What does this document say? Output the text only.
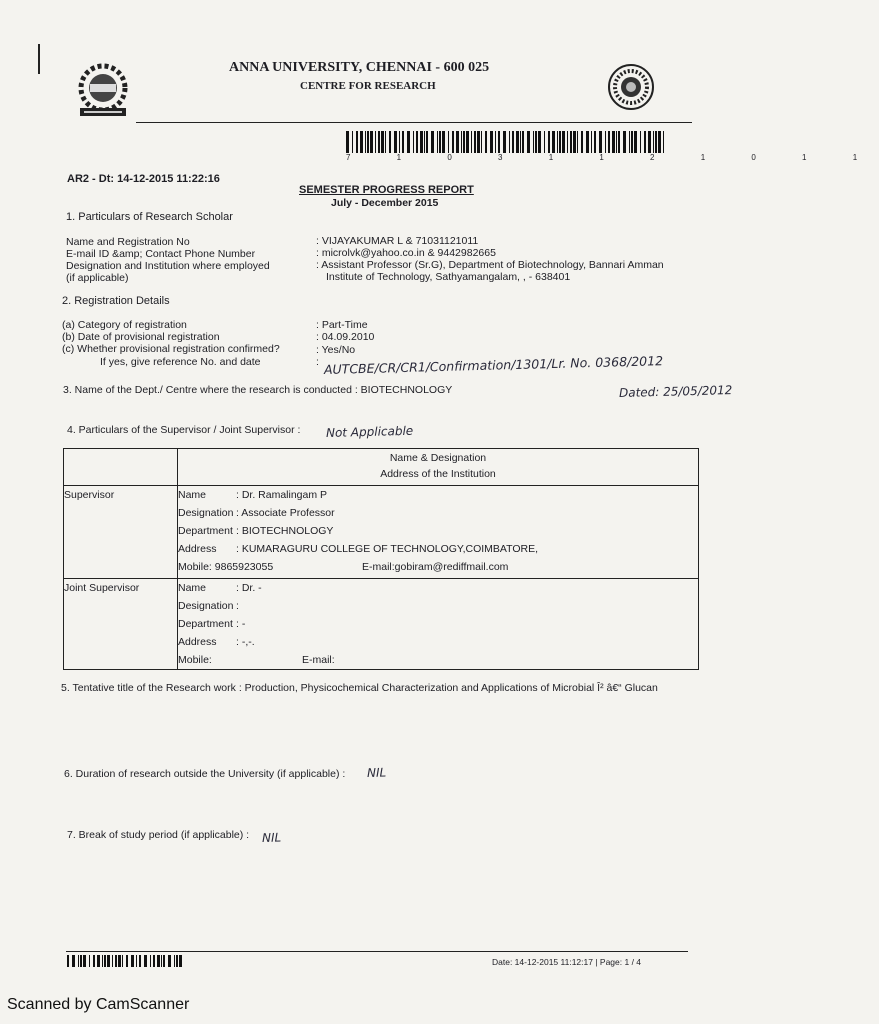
ANNA UNIVERSITY, CHENNAI - 600 025
CENTRE FOR RESEARCH
7 1 0 3 1 1 2 1 0 1 1
AR2 - Dt: 14-12-2015 11:22:16
SEMESTER PROGRESS REPORT
July - December 2015
1. Particulars of Research Scholar
Name and Registration No	: VIJAYAKUMAR L & 71031121011
E-mail ID &amp; Contact Phone Number	: microlvk@yahoo.co.in & 9442982665
Designation and Institution where employed	: Assistant Professor (Sr.G), Department of Biotechnology, Bannari Amman
(if applicable)	Institute of Technology, Sathyamangalam, , - 638401
2. Registration Details
(a) Category of registration	: Part-Time
(b) Date of provisional registration	: 04.09.2010
(c) Whether provisional registration confirmed?	: Yes/No
If yes, give reference No. and date	: AUTCBE/CR/CR1/Confirmation/1301/Lr. No. 0368/2012
Dated: 25/05/2012
3. Name of the Dept./ Centre where the research is conducted : BIOTECHNOLOGY
4. Particulars of the Supervisor / Joint Supervisor : Not Applicable

	Name & Designation
Address of the Institution

Supervisor	Name : Dr. Ramalingam P
Designation : Associate Professor
Department : BIOTECHNOLOGY
Address : KUMARAGURU COLLEGE OF TECHNOLOGY,COIMBATORE,
Mobile: 9865923055 E-mail:gobiram@rediffmail.com

Joint Supervisor	Name : Dr. -
Designation :
Department : -
Address : -,-.
Mobile: E-mail:
5. Tentative title of the Research work : Production, Physicochemical Characterization and Applications of Microbial Î² â€“ Glucan
6. Duration of research outside the University (if applicable) : NIL
7. Break of study period (if applicable) : NIL
Date: 14-12-2015 11:12:17 | Page: 1 / 4
Scanned by CamScanner
